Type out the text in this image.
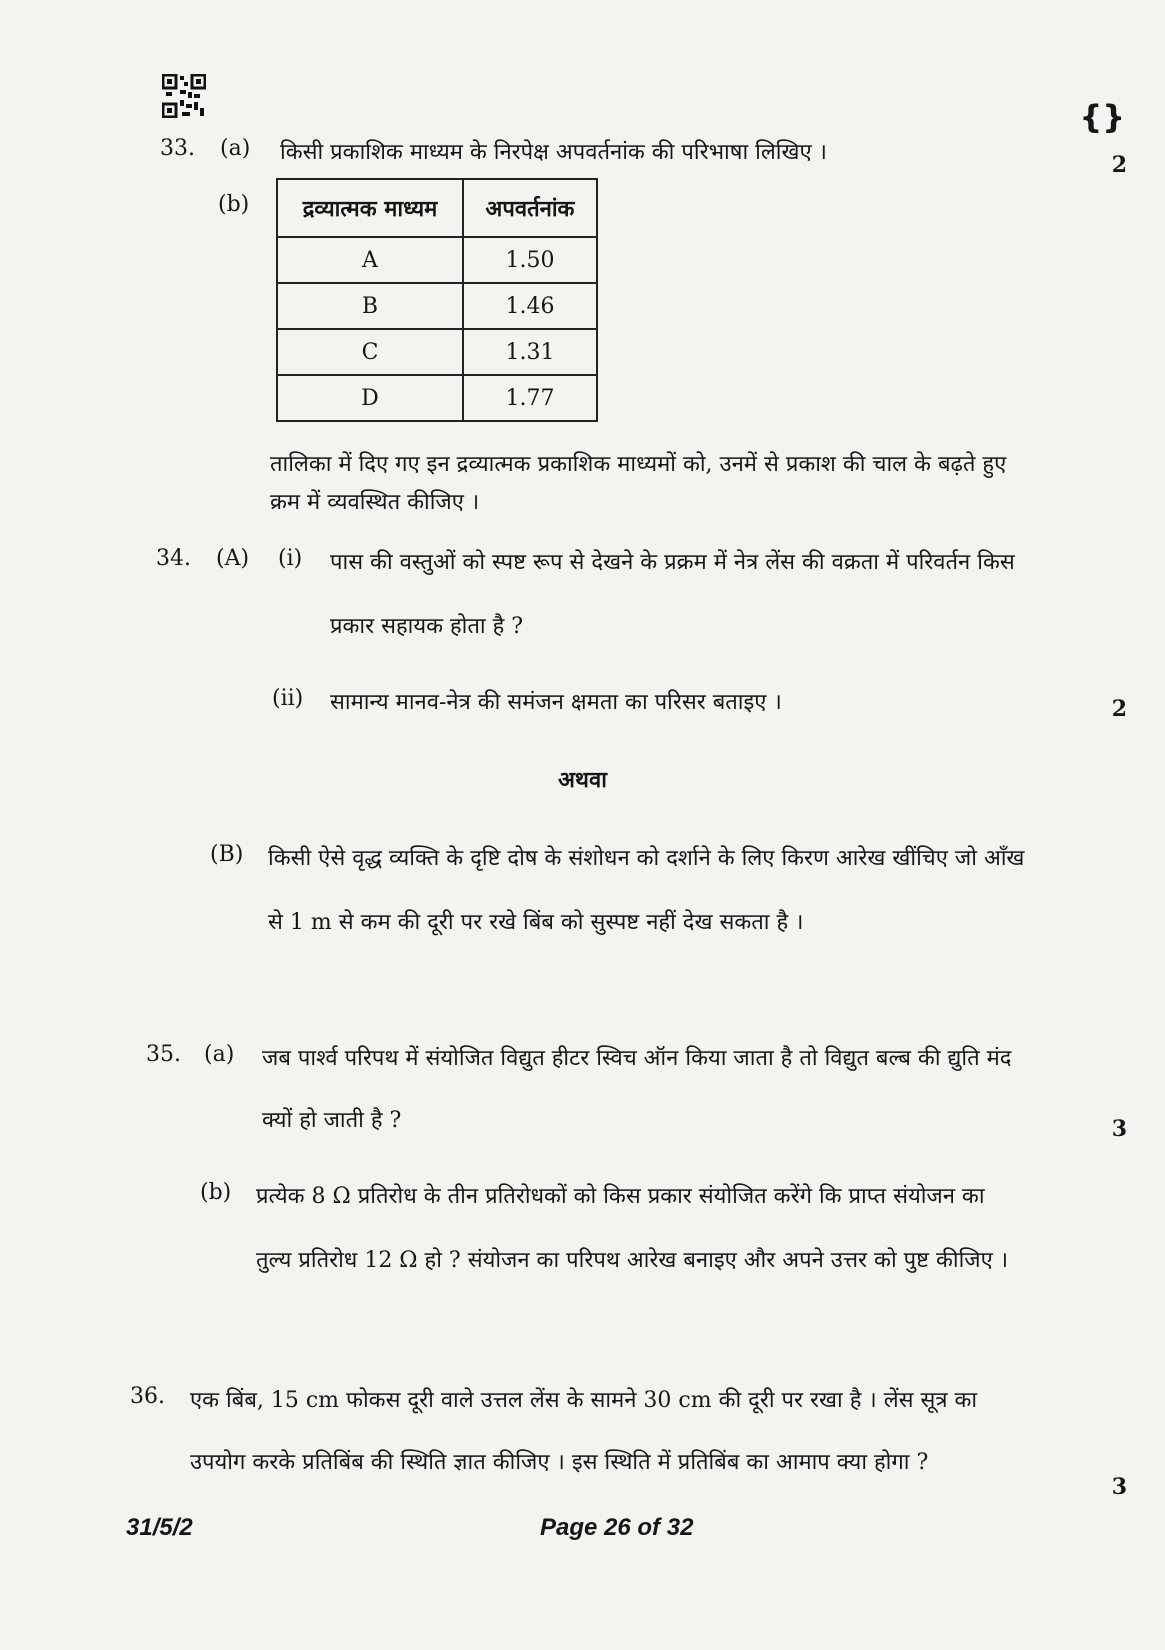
{}
33. (a) किसी प्रकाशिक माध्यम के निरपेक्ष अपवर्तनांक की परिभाषा लिखिए ।	2
(b) द्रव्यात्मक माध्यम	अपवर्तनांक
A	1.50
B	1.46
C	1.31
D	1.77
तालिका में दिए गए इन द्रव्यात्मक प्रकाशिक माध्यमों को, उनमें से प्रकाश की चाल के बढ़ते हुए
क्रम में व्यवस्थित कीजिए ।
34. (A) (i) पास की वस्तुओं को स्पष्ट रूप से देखने के प्रक्रम में नेत्र लेंस की वक्रता में परिवर्तन किस
प्रकार सहायक होता है ?
(ii) सामान्य मानव-नेत्र की समंजन क्षमता का परिसर बताइए ।	2
अथवा
(B) किसी ऐसे वृद्ध व्यक्ति के दृष्टि दोष के संशोधन को दर्शाने के लिए किरण आरेख खींचिए जो आँख
से 1 m से कम की दूरी पर रखे बिंब को सुस्पष्ट नहीं देख सकता है ।
35. (a) जब पार्श्व परिपथ में संयोजित विद्युत हीटर स्विच ऑन किया जाता है तो विद्युत बल्ब की द्युति मंद
क्यों हो जाती है ?	3
(b) प्रत्येक 8 Ω प्रतिरोध के तीन प्रतिरोधकों को किस प्रकार संयोजित करेंगे कि प्राप्त संयोजन का
तुल्य प्रतिरोध 12 Ω हो ? संयोजन का परिपथ आरेख बनाइए और अपने उत्तर को पुष्ट कीजिए ।
36. एक बिंब, 15 cm फोकस दूरी वाले उत्तल लेंस के सामने 30 cm की दूरी पर रखा है । लेंस सूत्र का
उपयोग करके प्रतिबिंब की स्थिति ज्ञात कीजिए । इस स्थिति में प्रतिबिंब का आमाप क्या होगा ?
3
31/5/2	Page 26 of 32
